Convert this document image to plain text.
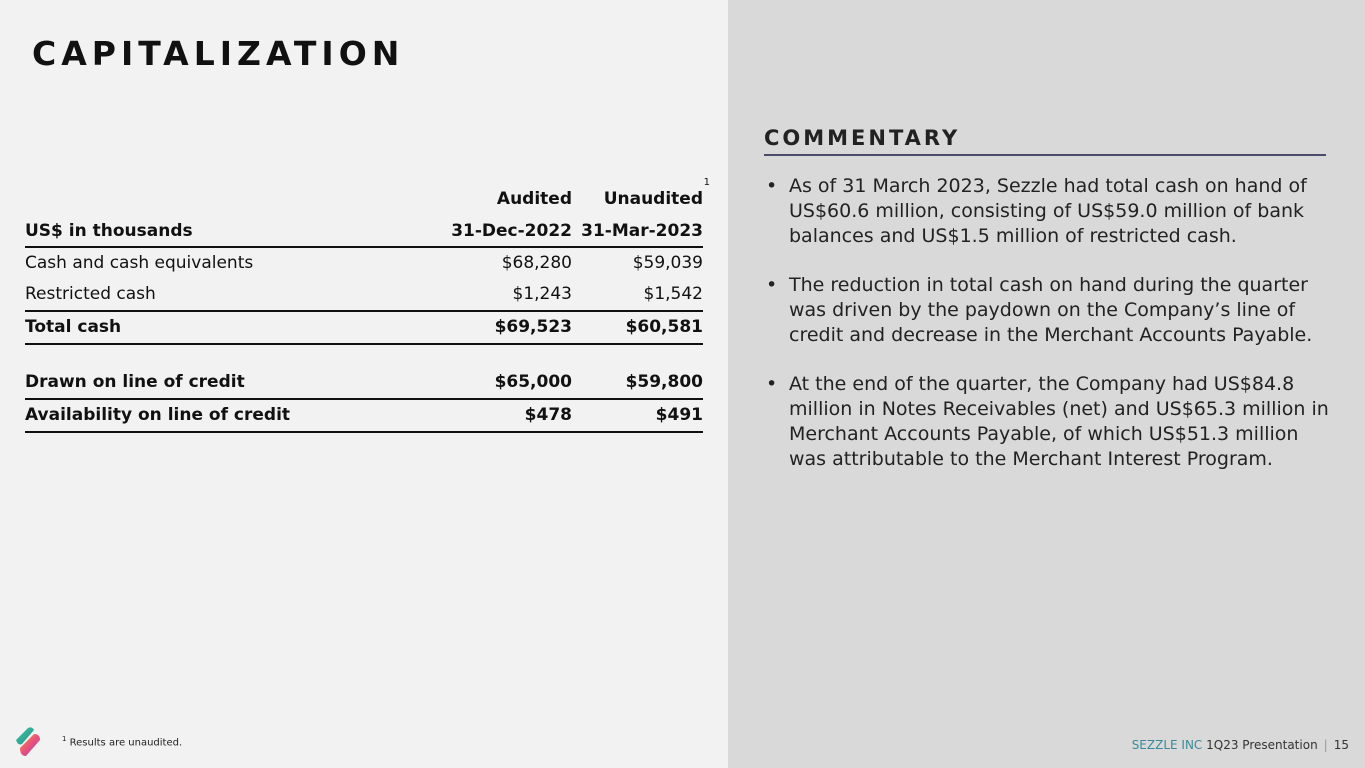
CAPITALIZATION
Audited Unaudited
1
US$ in thousands	31-Dec-2022 31-Mar-2023
Cash and cash equivalents	$68,280	$59,039
Restricted cash	$1,243	$1,542
Total cash	$69,523	$60,581
Drawn on line of credit	$65,000	$59,800
Availability on line of credit	$478	$491
COMMENTARY
• As of 31 March 2023, Sezzle had total cash on hand of US$60.6 million, consisting of US$59.0 million of bank balances and US$1.5 million of restricted cash.
• The reduction in total cash on hand during the quarter was driven by the paydown on the Company’s line of credit and decrease in the Merchant Accounts Payable.
• At the end of the quarter, the Company had US$84.8 million in Notes Receivables (net) and US$65.3 million in Merchant Accounts Payable, of which US$51.3 million was attributable to the Merchant Interest Program.
$^1$ Results are unaudited.	SEZZLE INC 1Q23 Presentation | 15
